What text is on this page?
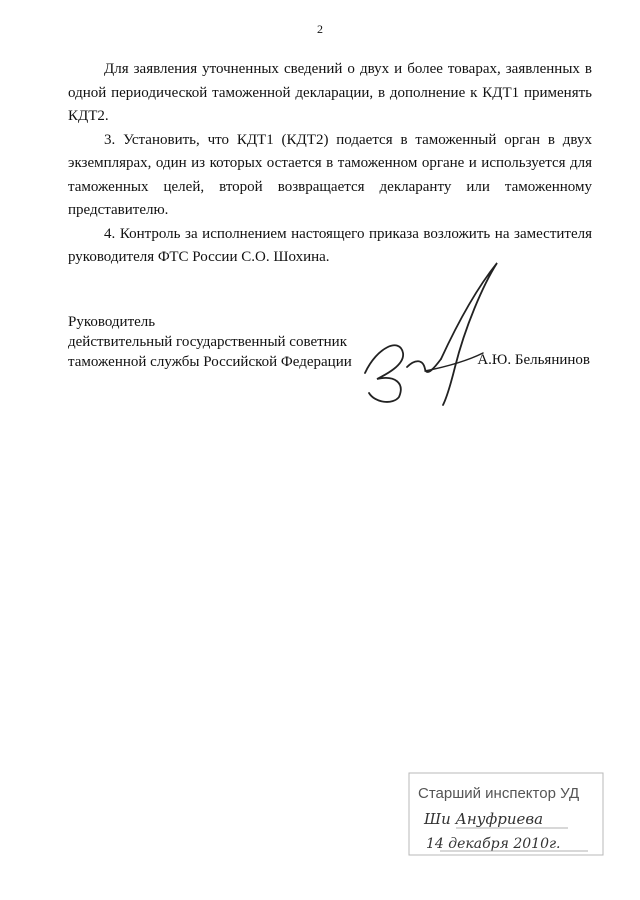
2

Для заявления уточненных сведений о двух и более товарах, заявленных в одной периодической таможенной декларации, в дополнение к КДТ1 применять КДТ2.

3. Установить, что КДТ1 (КДТ2) подается в таможенный орган в двух экземплярах, один из которых остается в таможенном органе и используется для таможенных целей, второй возвращается декларанту или таможенному представителю.

4. Контроль за исполнением настоящего приказа возложить на заместителя руководителя ФТС России С.О. Шохина.

Руководитель
действительный государственный советник
таможенной службы Российской Федерации	А.Ю. Бельянинов
Старший инспектор УД
Ши Ануфриева
14 декабря 2010г.
